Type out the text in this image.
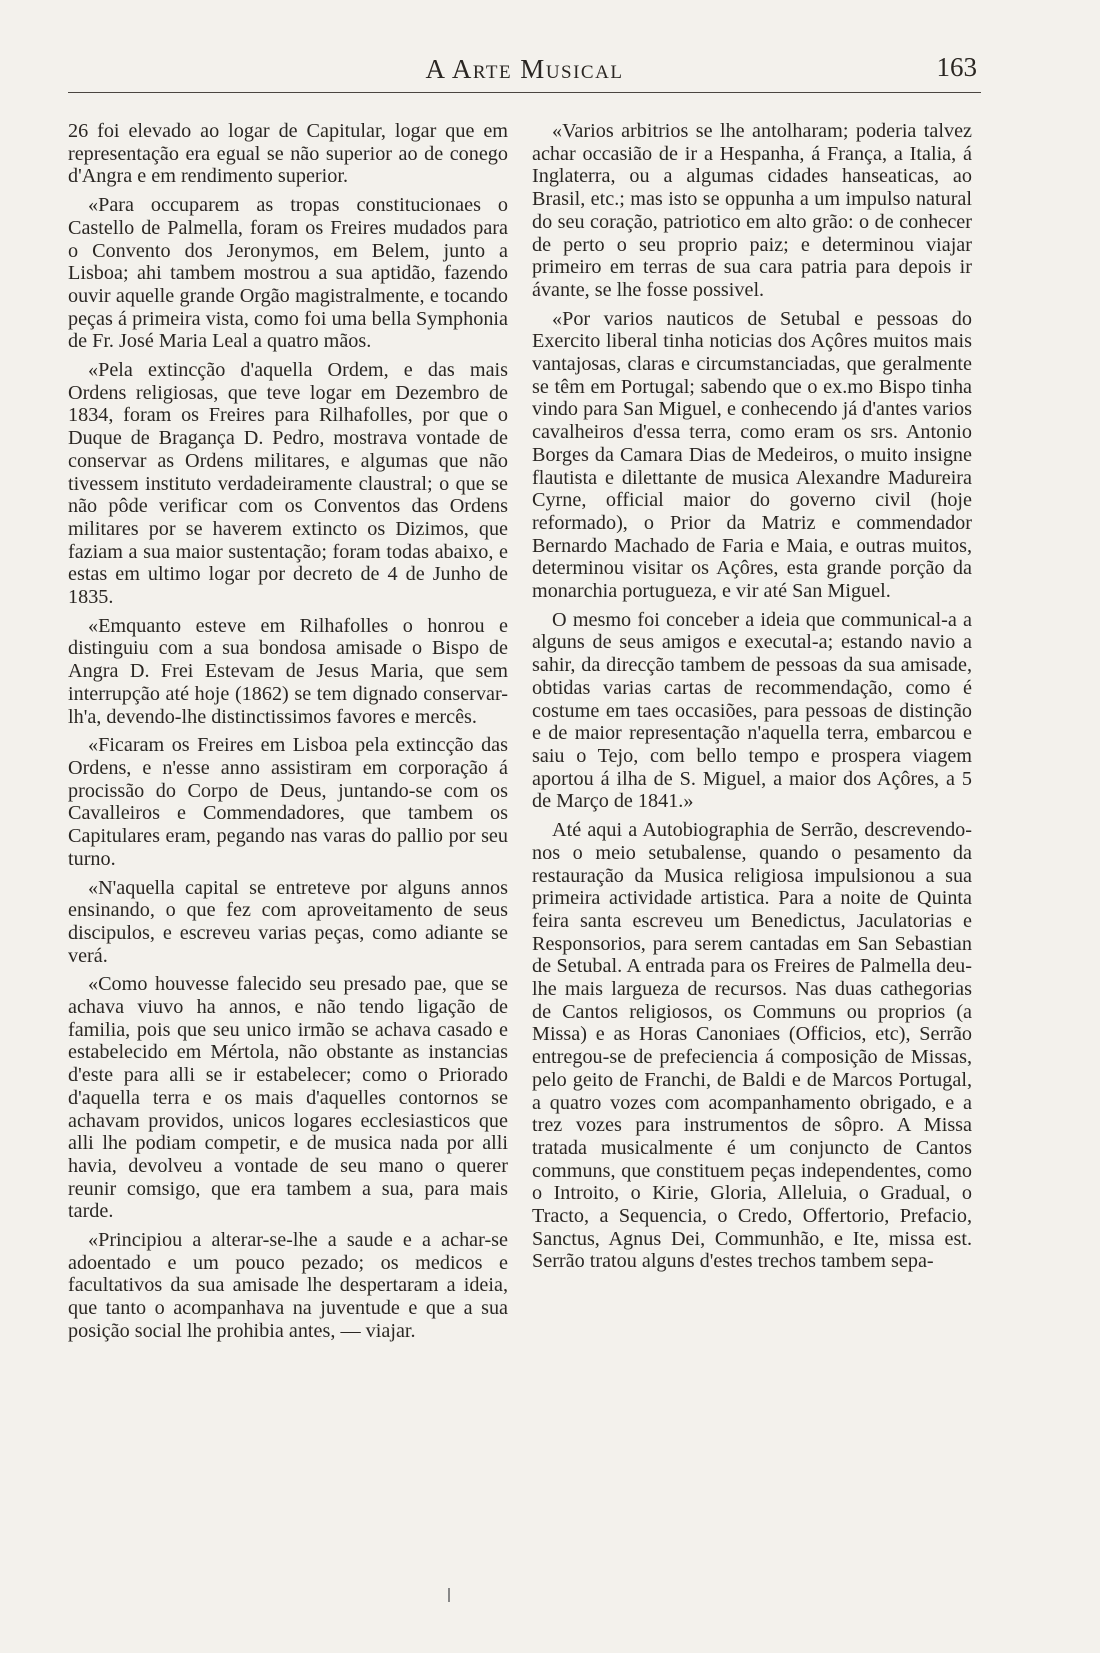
A Arte Musical	163

26 foi elevado ao logar de Capitular, logar que em representação era egual se não superior ao de conego d'Angra e em rendimento superior.

«Para occuparem as tropas constitucionaes o Castello de Palmella, foram os Freires mudados para o Convento dos Jeronymos, em Belem, junto a Lisboa; ahi tambem mostrou a sua aptidão, fazendo ouvir aquelle grande Orgão magistralmente, e tocando peças á primeira vista, como foi uma bella Symphonia de Fr. José Maria Leal a quatro mãos.

«Pela extincção d'aquella Ordem, e das mais Ordens religiosas, que teve logar em Dezembro de 1834, foram os Freires para Rilhafolles, por que o Duque de Bragança D. Pedro, mostrava vontade de conservar as Ordens militares, e algumas que não tivessem instituto verdadeiramente claustral; o que se não pôde verificar com os Conventos das Ordens militares por se haverem extincto os Dizimos, que faziam a sua maior sustentação; foram todas abaixo, e estas em ultimo logar por decreto de 4 de Junho de 1835.

«Emquanto esteve em Rilhafolles o honrou e distinguiu com a sua bondosa amisade o Bispo de Angra D. Frei Estevam de Jesus Maria, que sem interrupção até hoje (1862) se tem dignado conservar-lh'a, devendo-lhe distinctissimos favores e mercês.

«Ficaram os Freires em Lisboa pela extincção das Ordens, e n'esse anno assistiram em corporação á procissão do Corpo de Deus, juntando-se com os Cavalleiros e Commendadores, que tambem os Capitulares eram, pegando nas varas do pallio por seu turno.

«N'aquella capital se entreteve por alguns annos ensinando, o que fez com aproveitamento de seus discipulos, e escreveu varias peças, como adiante se verá.

«Como houvesse falecido seu presado pae, que se achava viuvo ha annos, e não tendo ligação de familia, pois que seu unico irmão se achava casado e estabelecido em Mértola, não obstante as instancias d'este para alli se ir estabelecer; como o Priorado d'aquella terra e os mais d'aquelles contornos se achavam providos, unicos logares ecclesiasticos que alli lhe podiam competir, e de musica nada por alli havia, devolveu a vontade de seu mano o querer reunir comsigo, que era tambem a sua, para mais tarde.

«Principiou a alterar-se-lhe a saude e a achar-se adoentado e um pouco pezado; os medicos e facultativos da sua amisade lhe despertaram a ideia, que tanto o acompanhava na juventude e que a sua posição social lhe prohibia antes, — viajar.

«Varios arbitrios se lhe antolharam; poderia talvez achar occasião de ir a Hespanha, á França, a Italia, á Inglaterra, ou a algumas cidades hanseaticas, ao Brasil, etc.; mas isto se oppunha a um impulso natural do seu coração, patriotico em alto grão: o de conhecer de perto o seu proprio paiz; e determinou viajar primeiro em terras de sua cara patria para depois ir ávante, se lhe fosse possivel.

«Por varios nauticos de Setubal e pessoas do Exercito liberal tinha noticias dos Açôres muitos mais vantajosas, claras e circumstanciadas, que geralmente se têm em Portugal; sabendo que o ex.mo Bispo tinha vindo para San Miguel, e conhecendo já d'antes varios cavalheiros d'essa terra, como eram os srs. Antonio Borges da Camara Dias de Medeiros, o muito insigne flautista e dilettante de musica Alexandre Madureira Cyrne, official maior do governo civil (hoje reformado), o Prior da Matriz e commendador Bernardo Machado de Faria e Maia, e outras muitos, determinou visitar os Açôres, esta grande porção da monarchia portugueza, e vir até San Miguel.

O mesmo foi conceber a ideia que communical-a a alguns de seus amigos e executal-a; estando navio a sahir, da direcção tambem de pessoas da sua amisade, obtidas varias cartas de recommendação, como é costume em taes occasiões, para pessoas de distinção e de maior representação n'aquella terra, embarcou e saiu o Tejo, com bello tempo e prospera viagem aportou á ilha de S. Miguel, a maior dos Açôres, a 5 de Março de 1841.»

Até aqui a Autobiographia de Serrão, descrevendo-nos o meio setubalense, quando o pesamento da restauração da Musica religiosa impulsionou a sua primeira actividade artistica. Para a noite de Quinta feira santa escreveu um Benedictus, Jaculatorias e Responsorios, para serem cantadas em San Sebastian de Setubal. A entrada para os Freires de Palmella deu-lhe mais largueza de recursos. Nas duas cathegorias de Cantos religiosos, os Communs ou proprios (a Missa) e as Horas Canoniaes (Officios, etc), Serrão entregou-se de prefeciencia á composição de Missas, pelo geito de Franchi, de Baldi e de Marcos Portugal, a quatro vozes com acompanhamento obrigado, e a trez vozes para instrumentos de sôpro. A Missa tratada musicalmente é um conjuncto de Cantos communs, que constituem peças independentes, como o Introito, o Kirie, Gloria, Alleluia, o Gradual, o Tracto, a Sequencia, o Credo, Offertorio, Prefacio, Sanctus, Agnus Dei, Communhão, e Ite, missa est. Serrão tratou alguns d'estes trechos tambem sepa-
